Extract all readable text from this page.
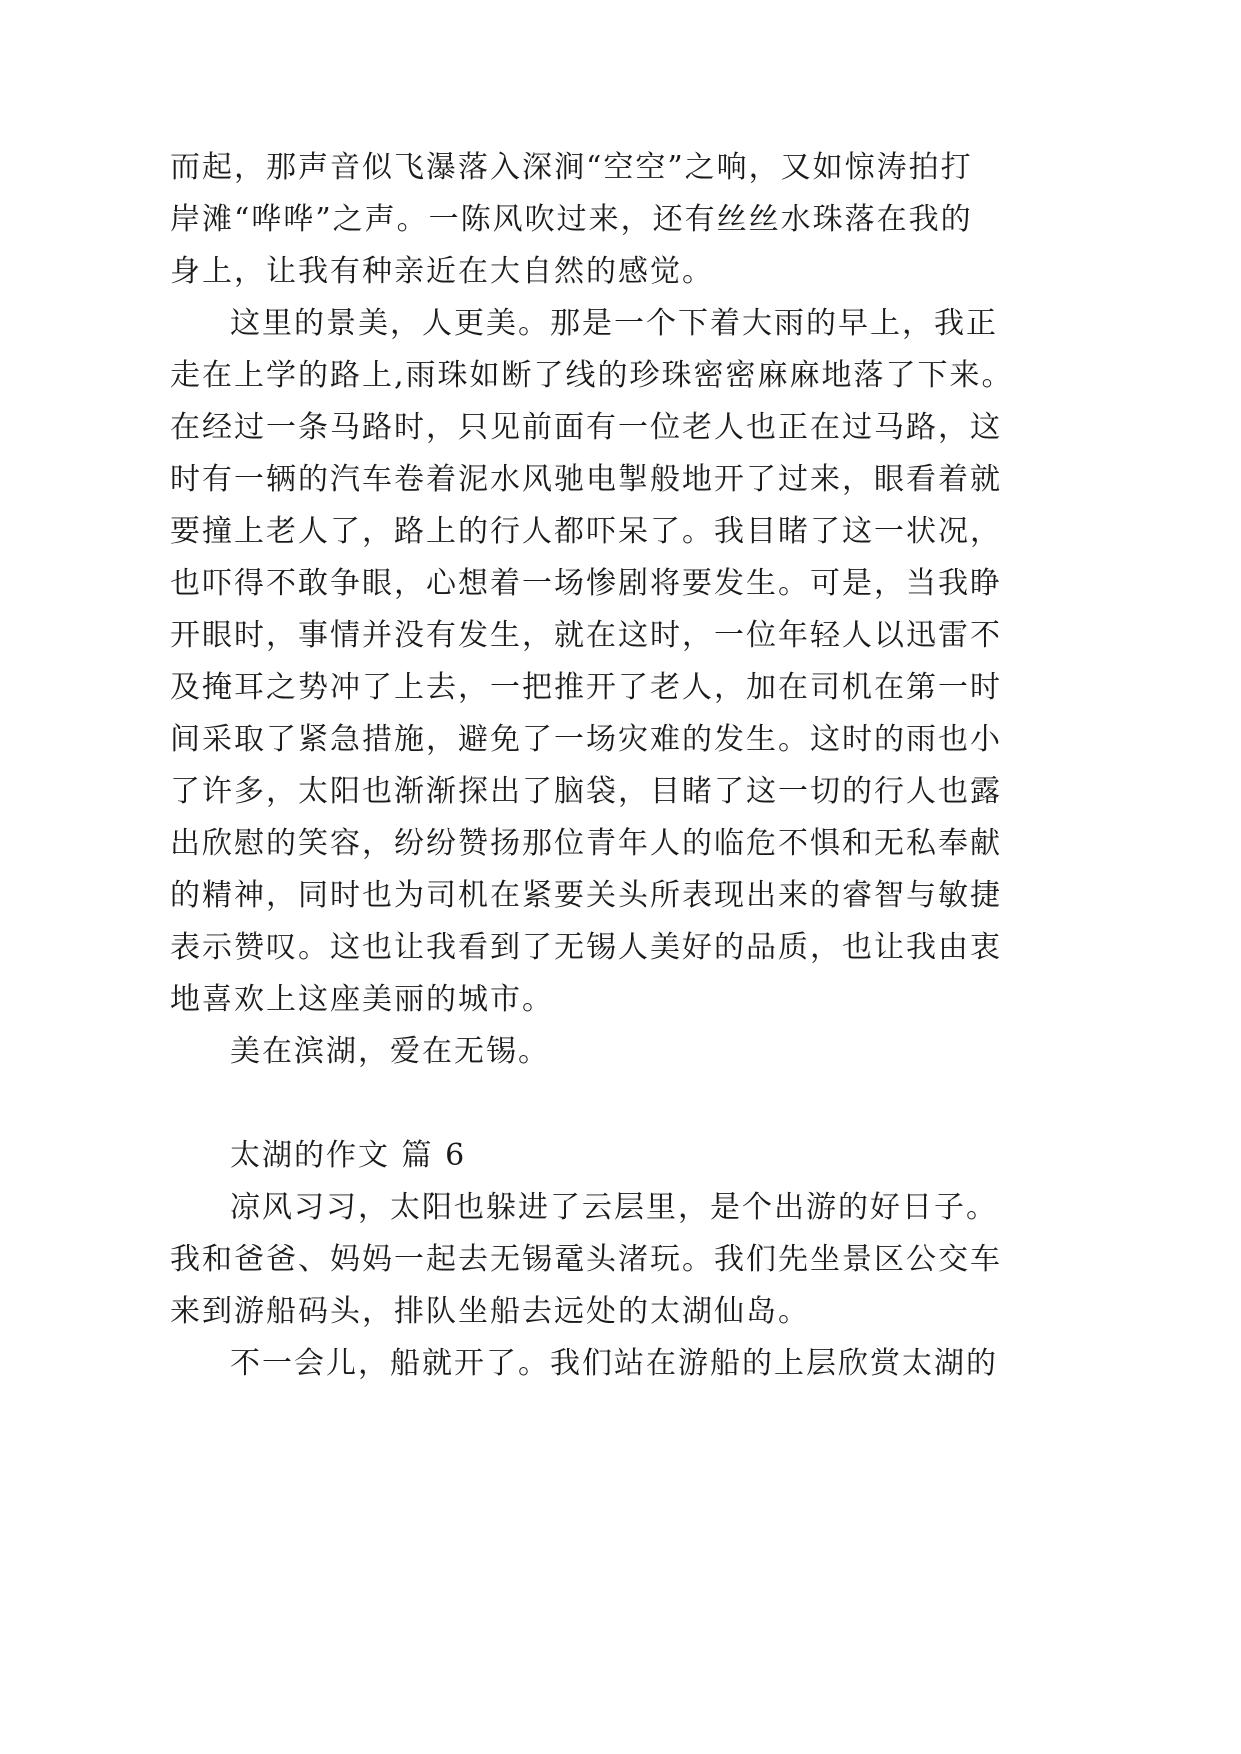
而起，那声音似飞瀑落入深涧“空空”之响，又如惊涛拍打
岸滩“哗哗”之声。一陈风吹过来，还有丝丝水珠落在我的
身上，让我有种亲近在大自然的感觉。
这里的景美，人更美。那是一个下着大雨的早上，我正
走在上学的路上,雨珠如断了线的珍珠密密麻麻地落了下来。
在经过一条马路时，只见前面有一位老人也正在过马路，这
时有一辆的汽车卷着泥水风驰电掣般地开了过来，眼看着就
要撞上老人了，路上的行人都吓呆了。我目睹了这一状况，
也吓得不敢争眼，心想着一场惨剧将要发生。可是，当我睁
开眼时，事情并没有发生，就在这时，一位年轻人以迅雷不
及掩耳之势冲了上去，一把推开了老人，加在司机在第一时
间采取了紧急措施，避免了一场灾难的发生。这时的雨也小
了许多，太阳也渐渐探出了脑袋，目睹了这一切的行人也露
出欣慰的笑容，纷纷赞扬那位青年人的临危不惧和无私奉献
的精神，同时也为司机在紧要关头所表现出来的睿智与敏捷
表示赞叹。这也让我看到了无锡人美好的品质，也让我由衷
地喜欢上这座美丽的城市。
美在滨湖，爱在无锡。
太湖的作文 篇 6
凉风习习，太阳也躲进了云层里，是个出游的好日子。
我和爸爸、妈妈一起去无锡鼋头渚玩。我们先坐景区公交车
来到游船码头，排队坐船去远处的太湖仙岛。
不一会儿，船就开了。我们站在游船的上层欣赏太湖的
